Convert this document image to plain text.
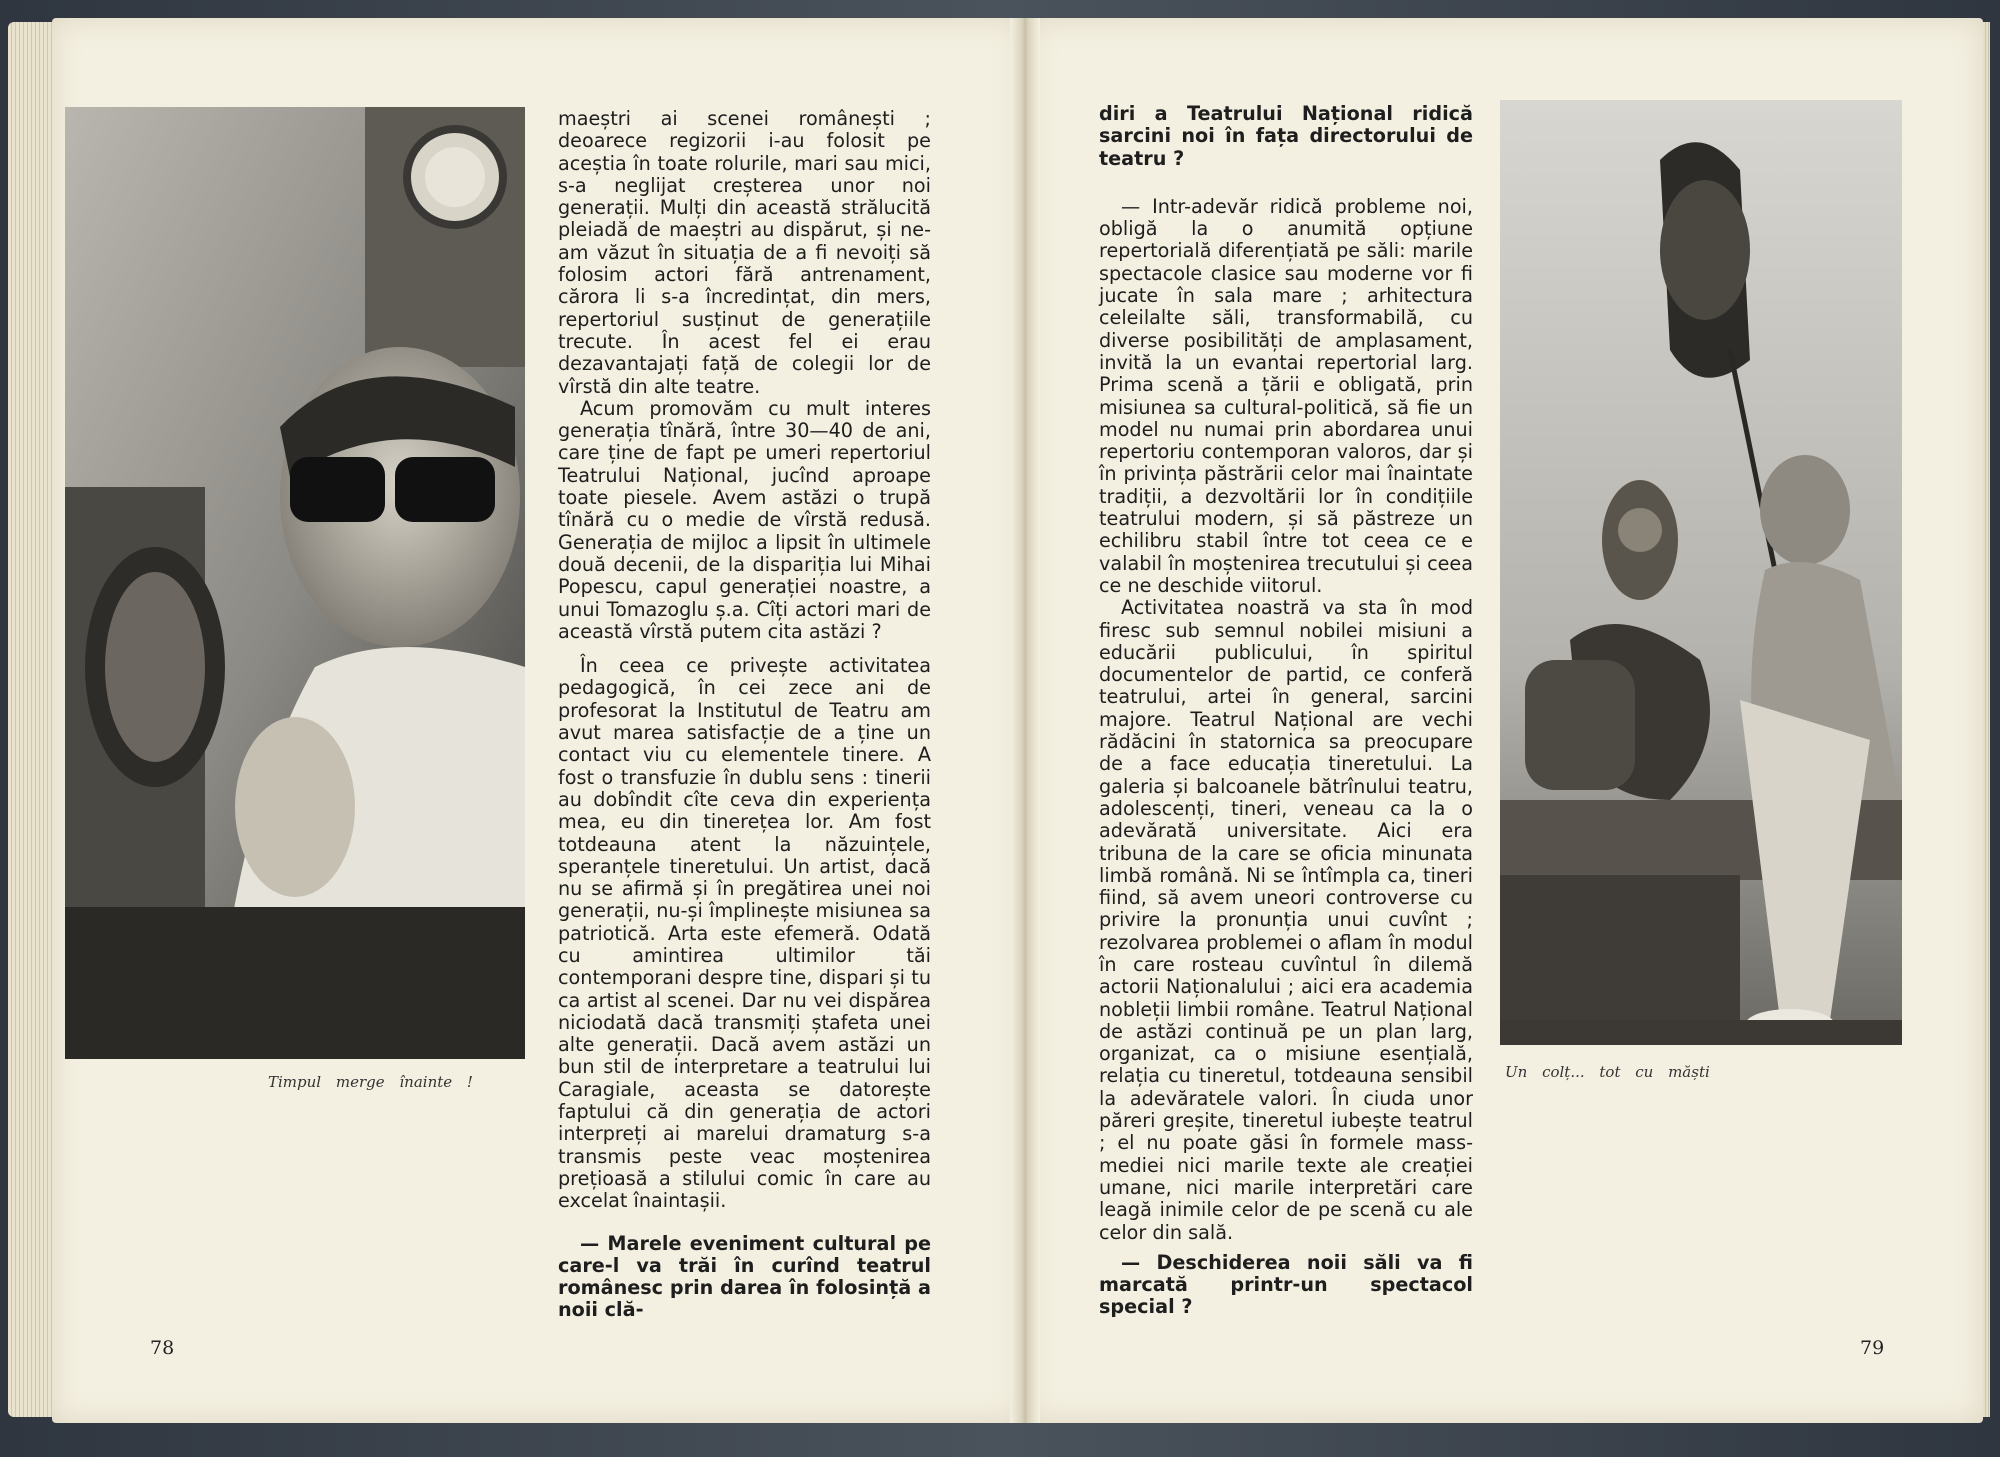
Timpul merge înainte !

maeștri ai scenei românești ; deoarece regizorii i-au folosit pe aceștia în toate rolurile, mari sau mici, s-a neglijat creșterea unor noi generații. Mulți din această strălucită pleiadă de maeștri au dispărut, și ne-am văzut în situația de a fi nevoiți să folosim actori fără antrenament, cărora li s-a încredințat, din mers, repertoriul susținut de generațiile trecute. În acest fel ei erau dezavantajați față de colegii lor de vîrstă din alte teatre.

Acum promovăm cu mult interes generația tînără, între 30—40 de ani, care ține de fapt pe umeri repertoriul Teatrului Național, jucînd aproape toate piesele. Avem astăzi o trupă tînără cu o medie de vîrstă redusă. Generația de mijloc a lipsit în ultimele două decenii, de la dispariția lui Mihai Popescu, capul generației noastre, a unui Tomazoglu ș.a. Cîți actori mari de această vîrstă putem cita astăzi ?

În ceea ce privește activitatea pedagogică, în cei zece ani de profesorat la Institutul de Teatru am avut marea satisfacție de a ține un contact viu cu elementele tinere. A fost o transfuzie în dublu sens : tinerii au dobîndit cîte ceva din experiența mea, eu din tinerețea lor. Am fost totdeauna atent la năzuințele, speranțele tineretului. Un artist, dacă nu se afirmă și în pregătirea unei noi generații, nu-și împlinește misiunea sa patriotică. Arta este efemeră. Odată cu amintirea ultimilor tăi contemporani despre tine, dispari și tu ca artist al scenei. Dar nu vei dispărea niciodată dacă transmiți ștafeta unei alte generații. Dacă avem astăzi un bun stil de interpretare a teatrului lui Caragiale, aceasta se datorește faptului că din generația de actori interpreți ai marelui dramaturg s-a transmis peste veac moștenirea prețioasă a stilului comic în care au excelat înaintașii.

— Marele eveniment cultural pe care-l va trăi în curînd teatrul românesc prin darea în folosință a noii clă-

78

diri a Teatrului Național ridică sarcini noi în fața directorului de teatru ?

— Intr-adevăr ridică probleme noi, obligă la o anumită opțiune repertorială diferențiată pe săli: marile spectacole clasice sau moderne vor fi jucate în sala mare ; arhitectura celeilalte săli, transformabilă, cu diverse posibilități de amplasament, invită la un evantai repertorial larg. Prima scenă a țării e obligată, prin misiunea sa cultural-politică, să fie un model nu numai prin abordarea unui repertoriu contemporan valoros, dar și în privința păstrării celor mai înaintate tradiții, a dezvoltării lor în condițiile teatrului modern, și să păstreze un echilibru stabil între tot ceea ce e valabil în moștenirea trecutului și ceea ce ne deschide viitorul.

Activitatea noastră va sta în mod firesc sub semnul nobilei misiuni a educării publicului, în spiritul documentelor de partid, ce conferă teatrului, artei în general, sarcini majore. Teatrul Național are vechi rădăcini în statornica sa preocupare de a face educația tineretului. La galeria și balcoanele bătrînului teatru, adolescenți, tineri, veneau ca la o adevărată universitate. Aici era tribuna de la care se oficia minunata limbă română. Ni se întîmpla ca, tineri fiind, să avem uneori controverse cu privire la pronunția unui cuvînt ; rezolvarea problemei o aflam în modul în care rosteau cuvîntul în dilemă actorii Naționalului ; aici era academia nobleții limbii române. Teatrul Național de astăzi continuă pe un plan larg, organizat, ca o misiune esențială, relația cu tineretul, totdeauna sensibil la adevăratele valori. În ciuda unor păreri greșite, tineretul iubește teatrul ; el nu poate găsi în formele mass-mediei nici marile texte ale creației umane, nici marile interpretări care leagă inimile celor de pe scenă cu ale celor din sală.

— Deschiderea noii săli va fi marcată printr-un spectacol special ?

Un colț... tot cu măști
79
